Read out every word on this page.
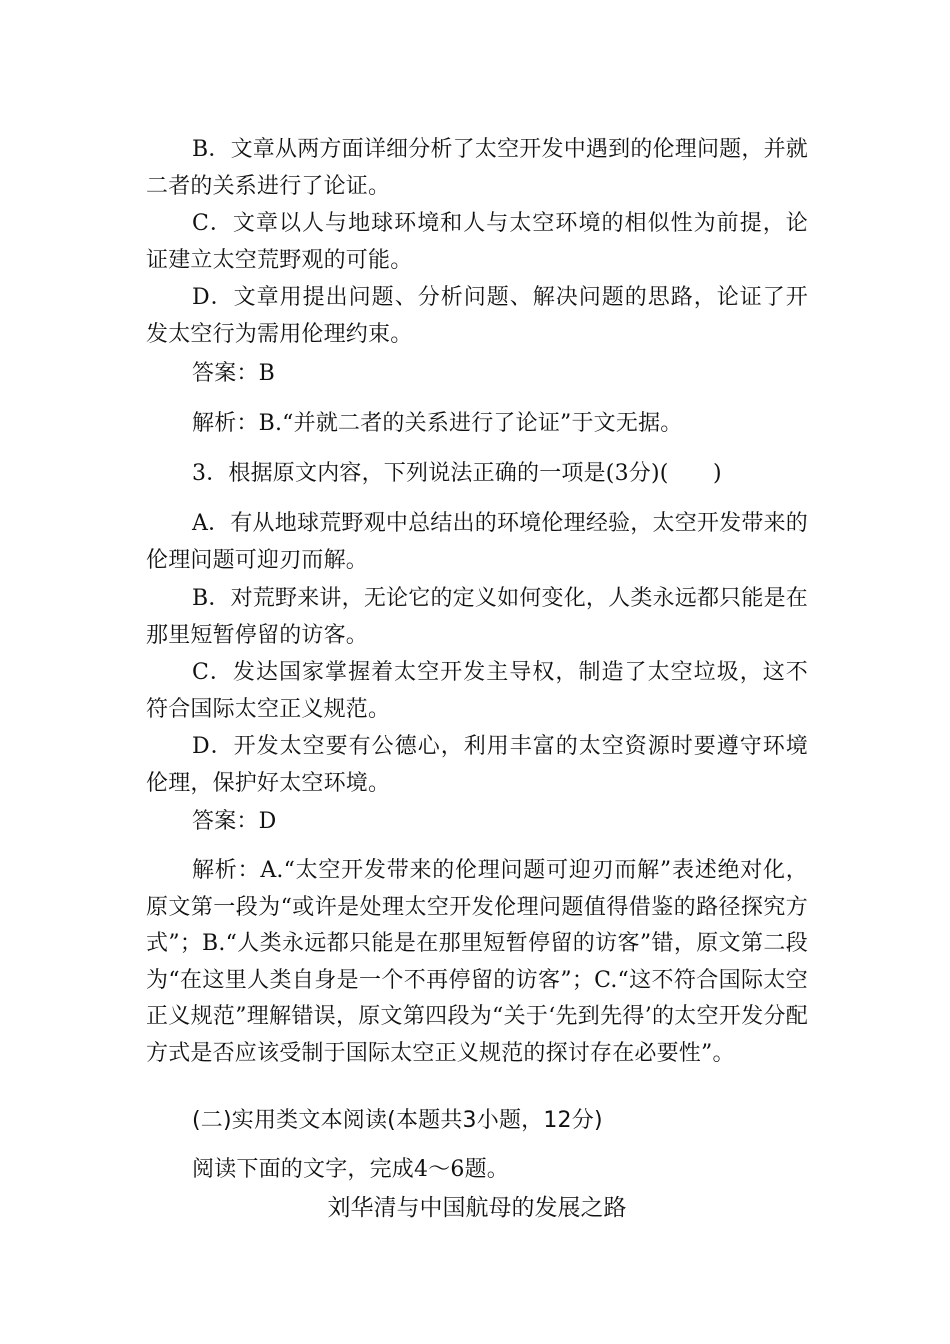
B．文章从两方面详细分析了太空开发中遇到的伦理问题，并就二者的关系进行了论证。

C．文章以人与地球环境和人与太空环境的相似性为前提，论证建立太空荒野观的可能。

D．文章用提出问题、分析问题、解决问题的思路，论证了开发太空行为需用伦理约束。

答案：B

解析：B.“并就二者的关系进行了论证”于文无据。

3．根据原文内容，下列说法正确的一项是(3分)(　　)

A．有从地球荒野观中总结出的环境伦理经验，太空开发带来的伦理问题可迎刃而解。

B．对荒野来讲，无论它的定义如何变化，人类永远都只能是在那里短暂停留的访客。

C．发达国家掌握着太空开发主导权，制造了太空垃圾，这不符合国际太空正义规范。

D．开发太空要有公德心，利用丰富的太空资源时要遵守环境伦理，保护好太空环境。

答案：D

解析：A.“太空开发带来的伦理问题可迎刃而解”表述绝对化，原文第一段为“或许是处理太空开发伦理问题值得借鉴的路径探究方式”；B.“人类永远都只能是在那里短暂停留的访客”错，原文第二段为“在这里人类自身是一个不再停留的访客”；C.“这不符合国际太空正义规范”理解错误，原文第四段为“关于‘先到先得’的太空开发分配方式是否应该受制于国际太空正义规范的探讨存在必要性”。

(二)实用类文本阅读(本题共3小题，12分)

阅读下面的文字，完成4～6题。

刘华清与中国航母的发展之路
